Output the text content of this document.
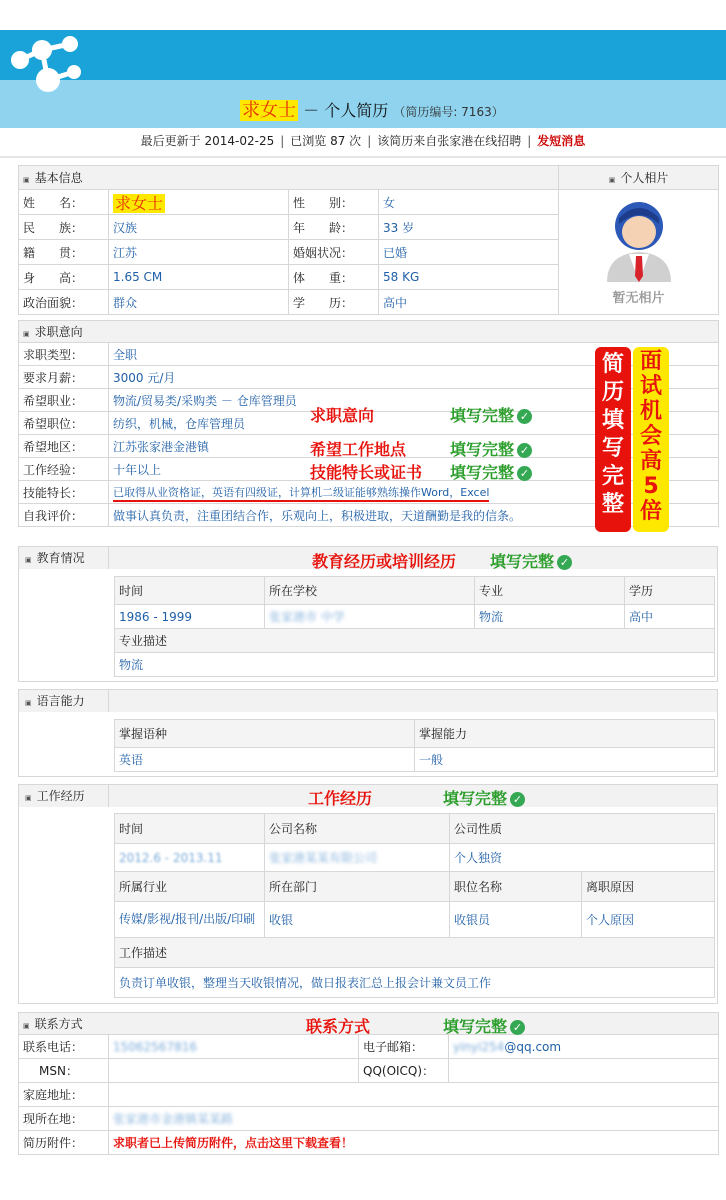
求女士 － 个人简历 （简历编号: 7163）
最后更新于 2014-02-25 | 已浏览 87 次 | 该简历来自张家港在线招聘 | 发短消息
▣ 基本信息				▣ 个人相片
姓　　名：	求女士	性　　别：	女	暂无相片

民　　族：	汉族	年　　龄：	33 岁	
籍　　贯：	江苏	婚姻状况：	已婚	
身　　高：	1.65 CM	体　　重：	58 KG	
政治面貌：	群众	学　　历：	高中	
▣ 求职意向	
求职类型：	全职
要求月薪：	3000 元/月
希望职业：	物流/贸易类/采购类 － 仓库管理员
希望职位：	纺织，机械，仓库管理员
希望地区：	江苏张家港金港镇
工作经验：	十年以上
技能特长：	已取得从业资格证，英语有四级证，计算机二级证能够熟练操作Word，Excel
自我评价：	做事认真负责，注重团结合作，乐观向上，积极进取，天道酬勤是我的信条。
求职意向	填写完整 ✓
希望工作地点	填写完整 ✓
技能特长或证书 填写完整 ✓
简
历
填
写
完
整
面
试
机
会
高
5
倍
▣ 教育情况
时间	所在学校	专业	学历
1986 - 1999	张家港市 中学	物流	高中
专业描述			
物流			
教育经历或培训经历 填写完整 ✓
▣ 语言能力
掌握语种	掌握能力
英语	一般
▣ 工作经历
时间	公司名称	公司性质	
2012.6 - 2013.11	张家港某某有限公司	个人独资	
所属行业	所在部门	职位名称	离职原因
传媒/影视/报刊/出版/印刷	收银	收银员	个人原因
工作描述			
负责订单收银，整理当天收银情况，做日报表汇总上报会计兼文员工作			
工作经历	填写完整 ✓
▣ 联系方式			
联系电话：	15062567816	电子邮箱：	yinyi254@qq.com
MSN：		QQ(OICQ)：	
家庭地址：			
现所在地：	张家港市金港镇某某路		
简历附件：	求职者已上传简历附件，点击这里下载查看！		
联系方式	填写完整 ✓
